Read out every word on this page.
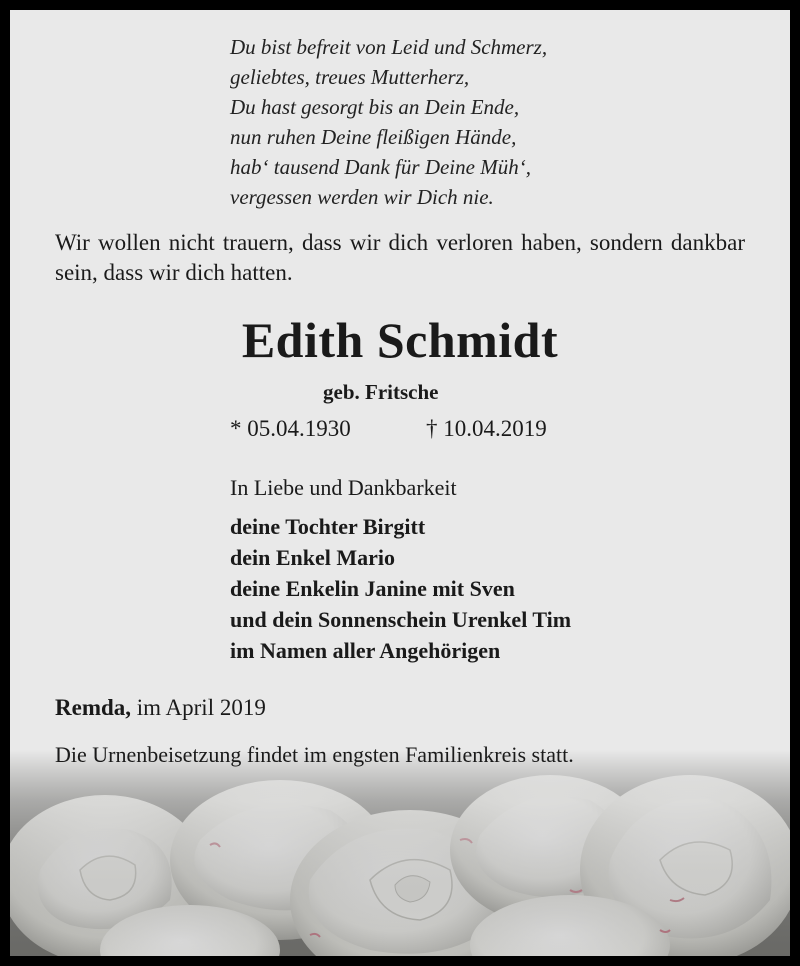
Du bist befreit von Leid und Schmerz,
geliebtes, treues Mutterherz,
Du hast gesorgt bis an Dein Ende,
nun ruhen Deine fleißigen Hände,
hab‘ tausend Dank für Deine Müh‘,
vergessen werden wir Dich nie.
Wir wollen nicht trauern, dass wir dich verloren haben, sondern dankbar sein, dass wir dich hatten.
Edith Schmidt
geb. Fritsche
* 05.04.1930	† 10.04.2019
In Liebe und Dankbarkeit
deine Tochter Birgitt
dein Enkel Mario
deine Enkelin Janine mit Sven
und dein Sonnenschein Urenkel Tim
im Namen aller Angehörigen
Remda, im April 2019
Die Urnenbeisetzung findet im engsten Familienkreis statt.
